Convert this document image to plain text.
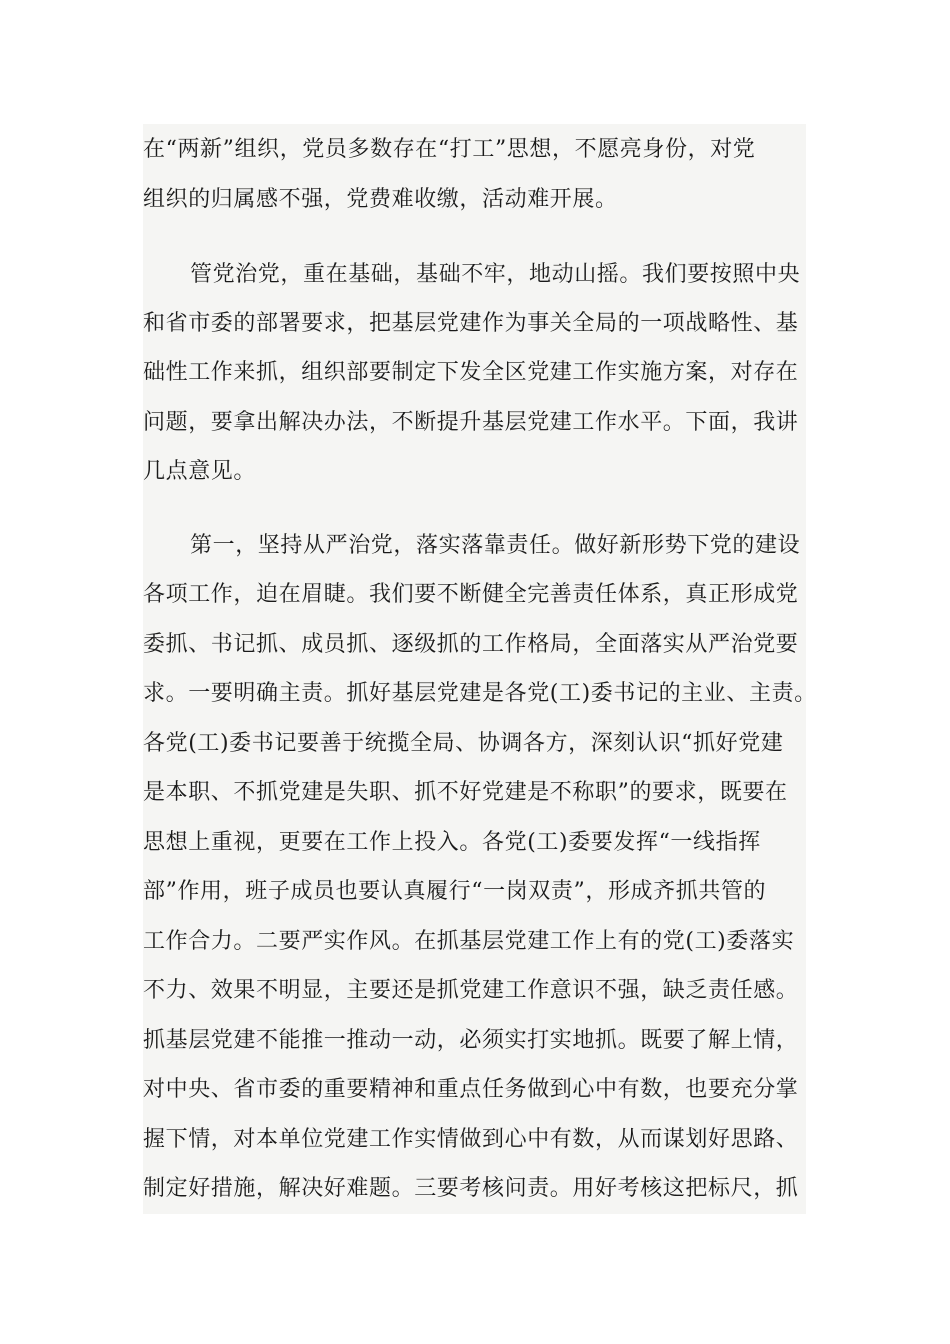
在“两新”组织，党员多数存在“打工”思想，不愿亮身份，对党
组织的归属感不强，党费难收缴，活动难开展。
管党治党，重在基础，基础不牢，地动山摇。我们要按照中央
和省市委的部署要求，把基层党建作为事关全局的一项战略性、基
础性工作来抓，组织部要制定下发全区党建工作实施方案，对存在
问题，要拿出解决办法，不断提升基层党建工作水平。下面，我讲
几点意见。
第一，坚持从严治党，落实落靠责任。做好新形势下党的建设
各项工作，迫在眉睫。我们要不断健全完善责任体系，真正形成党
委抓、书记抓、成员抓、逐级抓的工作格局，全面落实从严治党要
求。一要明确主责。抓好基层党建是各党(工)委书记的主业、主责。
各党(工)委书记要善于统揽全局、协调各方，深刻认识“抓好党建
是本职、不抓党建是失职、抓不好党建是不称职”的要求，既要在
思想上重视，更要在工作上投入。各党(工)委要发挥“一线指挥
部”作用，班子成员也要认真履行“一岗双责”，形成齐抓共管的
工作合力。二要严实作风。在抓基层党建工作上有的党(工)委落实
不力、效果不明显，主要还是抓党建工作意识不强，缺乏责任感。
抓基层党建不能推一推动一动，必须实打实地抓。既要了解上情，
对中央、省市委的重要精神和重点任务做到心中有数，也要充分掌
握下情，对本单位党建工作实情做到心中有数，从而谋划好思路、
制定好措施，解决好难题。三要考核问责。用好考核这把标尺，抓
